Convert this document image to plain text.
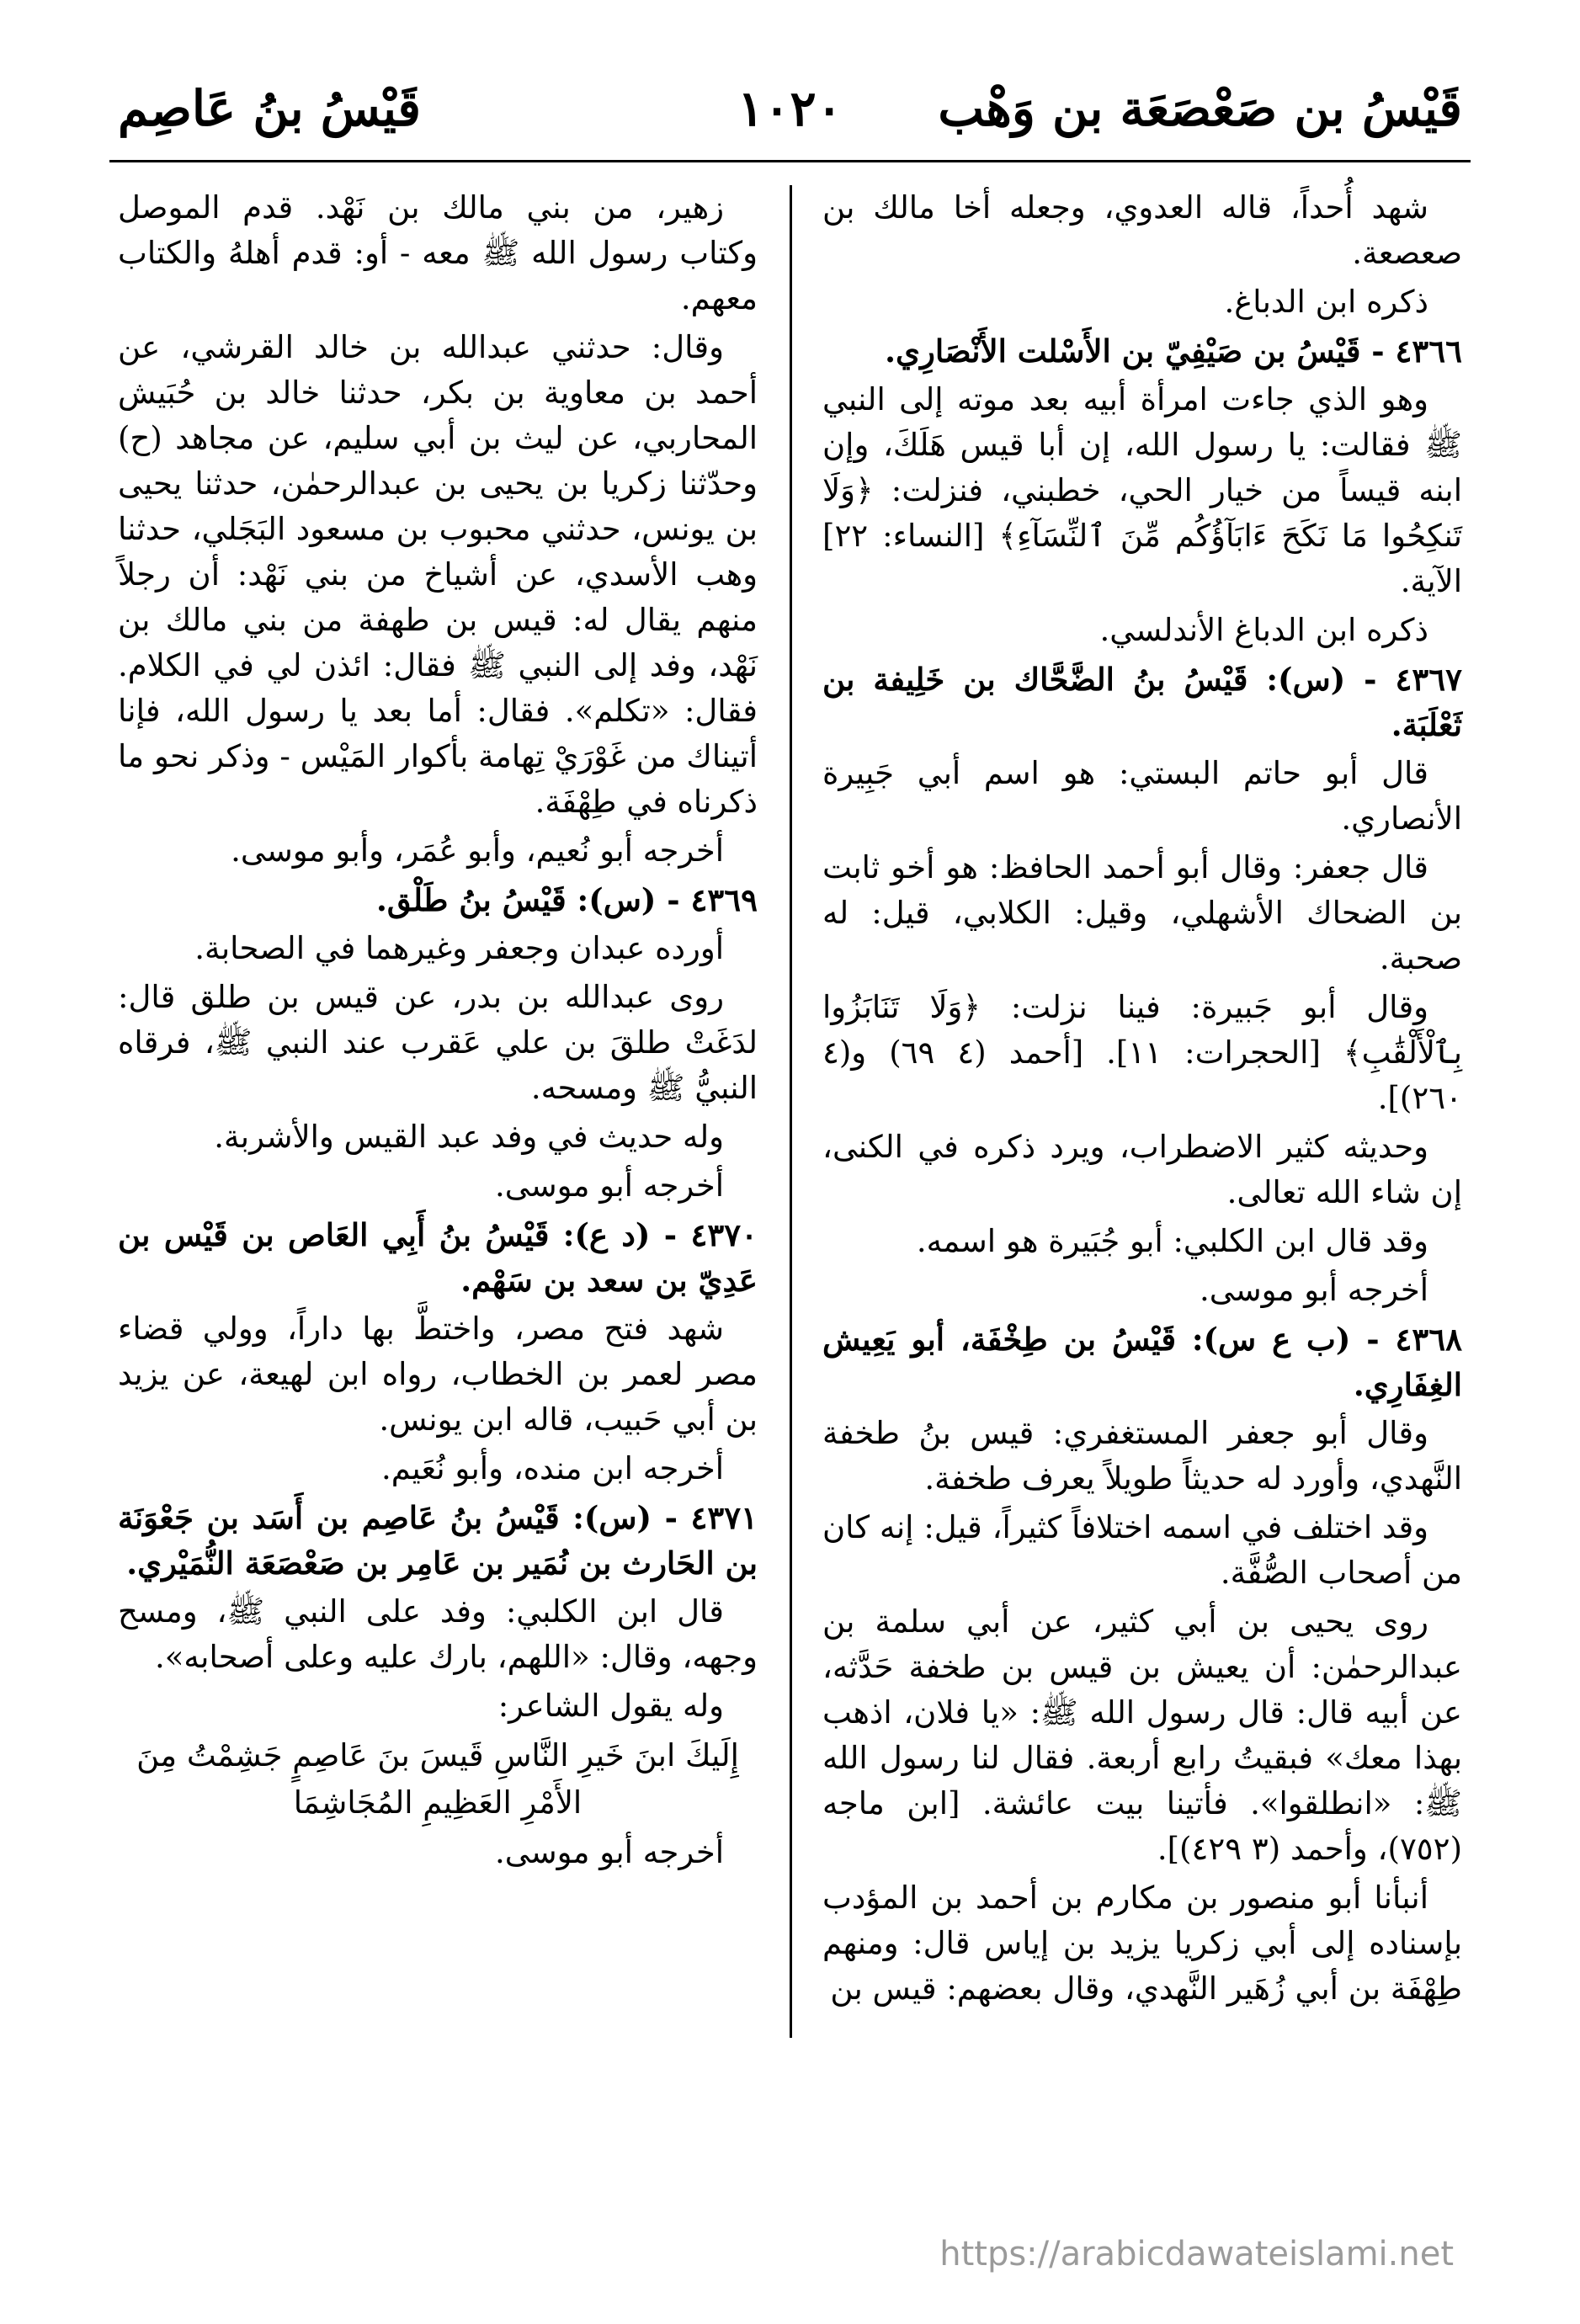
قَيْسُ بن صَعْصَعَة بن وَهْب
١٠٢٠
قَيْسُ بنُ عَاصِم

شهد أُحداً، قاله العدوي، وجعله أخا مالك بن صعصعة.

ذكره ابن الدباغ.

٤٣٦٦ - قَيْسُ بن صَيْفِيّ بن الأَسْلت الأَنْصَارِي.

وهو الذي جاءت امرأة أبيه بعد موته إلى النبي ﷺ فقالت: يا رسول الله، إن أبا قيس هَلَكَ، وإن ابنه قيساً من خيار الحي، خطبني، فنزلت: ﴿وَلَا تَنكِحُوا مَا نَكَحَ ءَابَآؤُكُم مِّنَ ٱلنِّسَآءِ﴾ [النساء: ٢٢] الآية.

ذكره ابن الدباغ الأندلسي.

٤٣٦٧ - (س): قَيْسُ بنُ الضَّحَّاك بن خَلِيفة بن ثَعْلَبَة.

قال أبو حاتم البستي: هو اسم أبي جَبِيرة الأنصاري.

قال جعفر: وقال أبو أحمد الحافظ: هو أخو ثابت بن الضحاك الأشهلي، وقيل: الكلابي، قيل: له صحبة.

وقال أبو جَبيرة: فينا نزلت: ﴿وَلَا تَنَابَزُوا بِٱلْأَلْقَٰبِ﴾ [الحجرات: ١١]. [أحمد (٤ ٦٩) و(٤ ٢٦٠)].

وحديثه كثير الاضطراب، ويرد ذكره في الكنى، إن شاء الله تعالى.

وقد قال ابن الكلبي: أبو جُبَيرة هو اسمه.

أخرجه أبو موسى.

٤٣٦٨ - (ب ع س): قَيْسُ بن طِخْفَة، أبو يَعِيش الغِفَارِي.

وقال أبو جعفر المستغفري: قيس بنُ طخفة النَّهدي، وأورد له حديثاً طويلاً يعرف طخفة.

وقد اختلف في اسمه اختلافاً كثيراً، قيل: إنه كان من أصحاب الصُّفَّة.

روى يحيى بن أبي كثير، عن أبي سلمة بن عبدالرحمٰن: أن يعيش بن قيس بن طخفة حَدَّثه، عن أبيه قال: قال رسول الله ﷺ: «يا فلان، اذهب بهذا معك» فبقيتُ رابع أربعة. فقال لنا رسول الله ﷺ: «انطلقوا». فأتينا بيت عائشة. [ابن ماجه (٧٥٢)، وأحمد (٣ ٤٢٩)].

أنبأنا أبو منصور بن مكارم بن أحمد بن المؤدب بإسناده إلى أبي زكريا يزيد بن إياس قال: ومنهم طِهْفَة بن أبي زُهَير النَّهدي، وقال بعضهم: قيس بن

زهير، من بني مالك بن نَهْد. قدم الموصل وكتاب رسول الله ﷺ معه - أو: قدم أهلهُ والكتاب معهم.

وقال: حدثني عبدالله بن خالد القرشي، عن أحمد بن معاوية بن بكر، حدثنا خالد بن حُبَيش المحاربي، عن ليث بن أبي سليم، عن مجاهد (ح) وحدّثنا زكريا بن يحيى بن عبدالرحمٰن، حدثنا يحيى بن يونس، حدثني محبوب بن مسعود البَجَلي، حدثنا وهب الأسدي، عن أشياخ من بني نَهْد: أن رجلاً منهم يقال له: قيس بن طهفة من بني مالك بن نَهْد، وفد إلى النبي ﷺ فقال: ائذن لي في الكلام. فقال: «تكلم». فقال: أما بعد يا رسول الله، فإنا أتيناك من غَوْرَيْ تِهامة بأكوار المَيْس - وذكر نحو ما ذكرناه في طِهْفَة.

أخرجه أبو نُعيم، وأبو عُمَر، وأبو موسى.

٤٣٦٩ - (س): قَيْسُ بنُ طَلْق.

أورده عبدان وجعفر وغيرهما في الصحابة.

روى عبدالله بن بدر، عن قيس بن طلق قال: لدَغَتْ طلقَ بن علي عَقرب عند النبي ﷺ، فرقاه النبيُّ ﷺ ومسحه.

وله حديث في وفد عبد القيس والأشربة.

أخرجه أبو موسى.

٤٣٧٠ - (د ع): قَيْسُ بنُ أَبِي العَاص بن قَيْس بن عَدِيّ بن سعد بن سَهْم.

شهد فتح مصر، واختطَّ بها داراً، وولي قضاء مصر لعمر بن الخطاب، رواه ابن لهيعة، عن يزيد بن أبي حَبيب، قاله ابن يونس.

أخرجه ابن منده، وأبو نُعَيم.

٤٣٧١ - (س): قَيْسُ بنُ عَاصِم بن أَسَد بن جَعْوَنَة بن الحَارث بن نُمَير بن عَامِر بن صَعْصَعَة النُّمَيْري.

قال ابن الكلبي: وفد على النبي ﷺ، ومسح وجهه، وقال: «اللهم، بارك عليه وعلى أصحابه».

وله يقول الشاعر:

إِلَيكَ ابنَ خَيرِ النَّاسِ قَيسَ بنَ عَاصِمٍ جَشِمْتُ مِنَ الأَمْرِ العَظِيمِ المُجَاشِمَا

أخرجه أبو موسى.

https://arabicdawateislami.net
